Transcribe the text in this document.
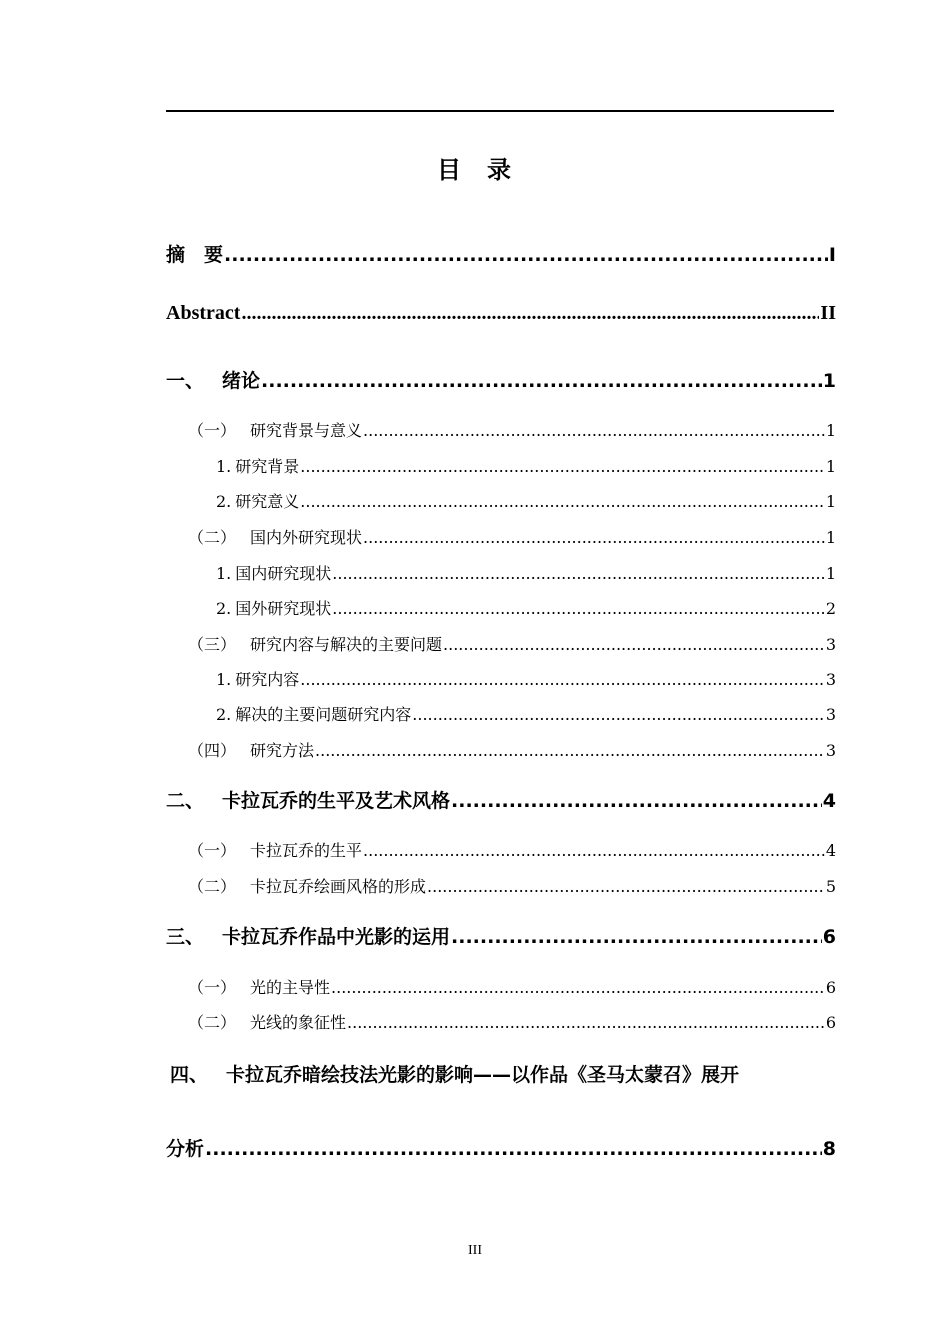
目 录
摘　要 .....	I
Abstract .....	II
一、 绪论 .....	1
（一） 研究背景与意义 .....	1
1. 研究背景 .....	1
2. 研究意义 .....	1
（二） 国内外研究现状 .....	1
1. 国内研究现状 .....	1
2. 国外研究现状 .....	2
（三） 研究内容与解决的主要问题 .....	3
1. 研究内容 .....	3
2. 解决的主要问题研究内容 .....	3
（四） 研究方法 .....	3
二、 卡拉瓦乔的生平及艺术风格 .....	4
（一） 卡拉瓦乔的生平 .....	4
（二） 卡拉瓦乔绘画风格的形成 .....	5
三、 卡拉瓦乔作品中光影的运用 .....	6
（一） 光的主导性 .....	6
（二） 光线的象征性 .....	6
四、 卡拉瓦乔暗绘技法光影的影响——以作品《圣马太蒙召》展开
分析 .....	8
III
